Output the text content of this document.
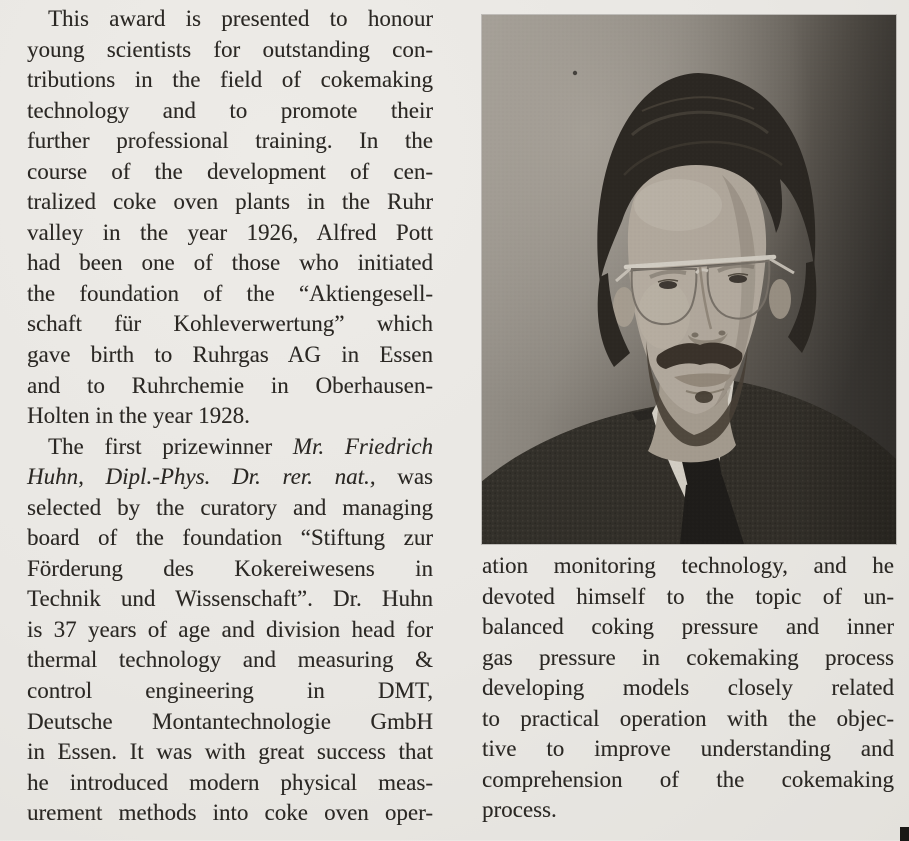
This award is presented to honour
young scientists for outstanding con-
tributions in the field of cokemaking
technology and to promote their
further professional training. In the
course of the development of cen-
tralized coke oven plants in the Ruhr
valley in the year 1926, Alfred Pott
had been one of those who initiated
the foundation of the “Aktiengesell-
schaft für Kohleverwertung” which
gave birth to Ruhrgas AG in Essen
and to Ruhrchemie in Oberhausen-
Holten in the year 1928.
The first prizewinner Mr. Friedrich
Huhn, Dipl.-Phys. Dr. rer. nat., was
selected by the curatory and managing
board of the foundation “Stiftung zur
Förderung des Kokereiwesens in
Technik und Wissenschaft”. Dr. Huhn
is 37 years of age and division head for
thermal technology and measuring &
control engineering in DMT,
Deutsche Montantechnologie GmbH
in Essen. It was with great success that
he introduced modern physical meas-
urement methods into coke oven oper-
ation monitoring technology, and he
devoted himself to the topic of un-
balanced coking pressure and inner
gas pressure in cokemaking process
developing models closely related
to practical operation with the objec-
tive to improve understanding and
comprehension of the cokemaking
process.
